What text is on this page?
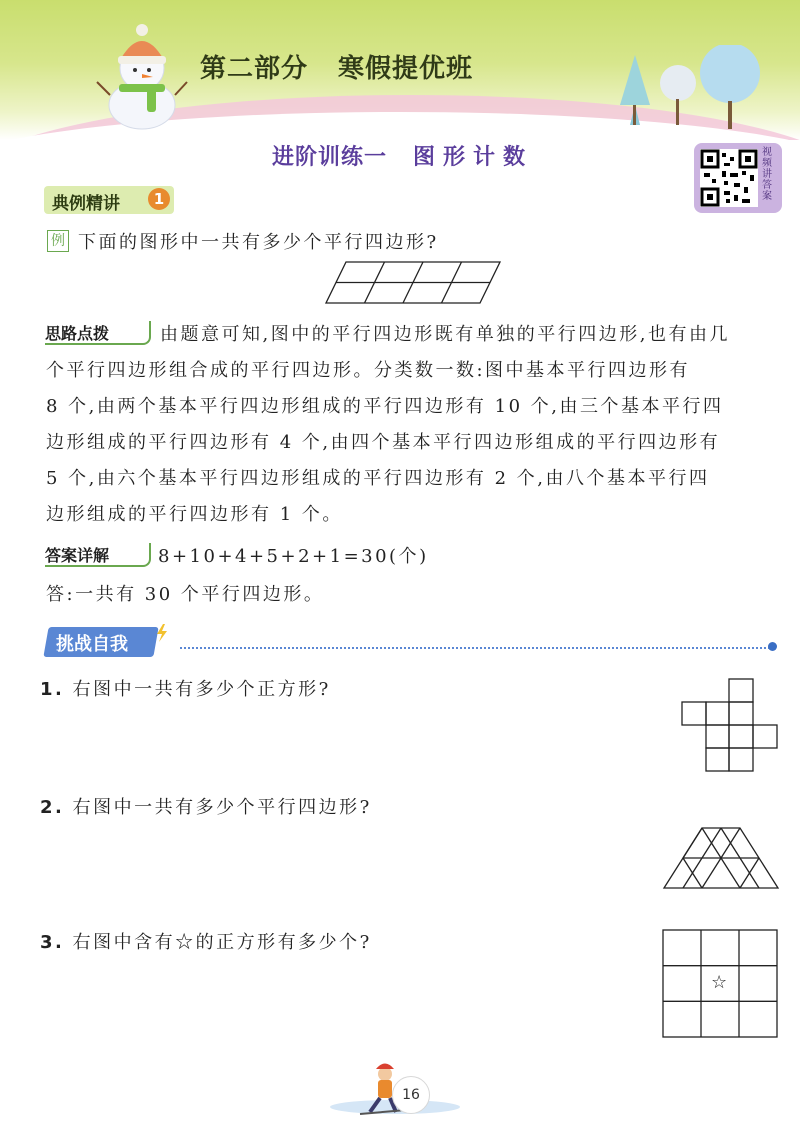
第二部分 寒假提优班
进阶训练一 图形计数	视频讲答案
典例精讲	1
例 下面的图形中一共有多少个平行四边形?
思路点拨	由题意可知,图中的平行四边形既有单独的平行四边形,也有由几
个平行四边形组合成的平行四边形。分类数一数:图中基本平行四边形有
8 个,由两个基本平行四边形组成的平行四边形有 10 个,由三个基本平行四
边形组成的平行四边形有 4 个,由四个基本平行四边形组成的平行四边形有
5 个,由六个基本平行四边形组成的平行四边形有 2 个,由八个基本平行四
边形组成的平行四边形有 1 个。
答案详解	8+10+4+5+2+1=30(个)
答:一共有 30 个平行四边形。
挑战自我
1. 右图中一共有多少个正方形?
2. 右图中一共有多少个平行四边形?
3. 右图中含有☆的正方形有多少个?
☆
16
